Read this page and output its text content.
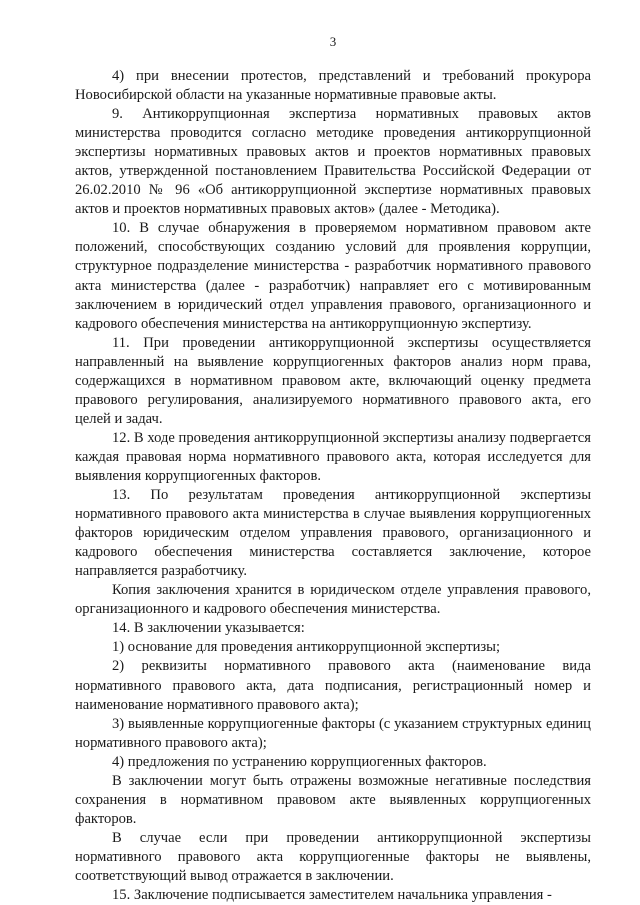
3

4) при внесении протестов, представлений и требований прокурора Новосибирской области на указанные нормативные правовые акты.

9. Антикоррупционная экспертиза нормативных правовых актов министерства проводится согласно методике проведения антикоррупционной экспертизы нормативных правовых актов и проектов нормативных правовых актов, утвержденной постановлением Правительства Российской Федерации от 26.02.2010 № 96 «Об антикоррупционной экспертизе нормативных правовых актов и проектов нормативных правовых актов» (далее - Методика).

10. В случае обнаружения в проверяемом нормативном правовом акте положений, способствующих созданию условий для проявления коррупции, структурное подразделение министерства - разработчик нормативного правового акта министерства (далее - разработчик) направляет его с мотивированным заключением в юридический отдел управления правового, организационного и кадрового обеспечения министерства на антикоррупционную экспертизу.

11. При проведении антикоррупционной экспертизы осуществляется направленный на выявление коррупциогенных факторов анализ норм права, содержащихся в нормативном правовом акте, включающий оценку предмета правового регулирования, анализируемого нормативного правового акта, его целей и задач.

12. В ходе проведения антикоррупционной экспертизы анализу подвергается каждая правовая норма нормативного правового акта, которая исследуется для выявления коррупциогенных факторов.

13. По результатам проведения антикоррупционной экспертизы нормативного правового акта министерства в случае выявления коррупциогенных факторов юридическим отделом управления правового, организационного и кадрового обеспечения министерства составляется заключение, которое направляется разработчику.

Копия заключения хранится в юридическом отделе управления правового, организационного и кадрового обеспечения министерства.

14. В заключении указывается:

1) основание для проведения антикоррупционной экспертизы;

2) реквизиты нормативного правового акта (наименование вида нормативного правового акта, дата подписания, регистрационный номер и наименование нормативного правового акта);

3) выявленные коррупциогенные факторы (с указанием структурных единиц нормативного правового акта);

4) предложения по устранению коррупциогенных факторов.

В заключении могут быть отражены возможные негативные последствия сохранения в нормативном правовом акте выявленных коррупциогенных факторов.

В случае если при проведении антикоррупционной экспертизы нормативного правового акта коррупциогенные факторы не выявлены, соответствующий вывод отражается в заключении.

15. Заключение подписывается заместителем начальника управления -
